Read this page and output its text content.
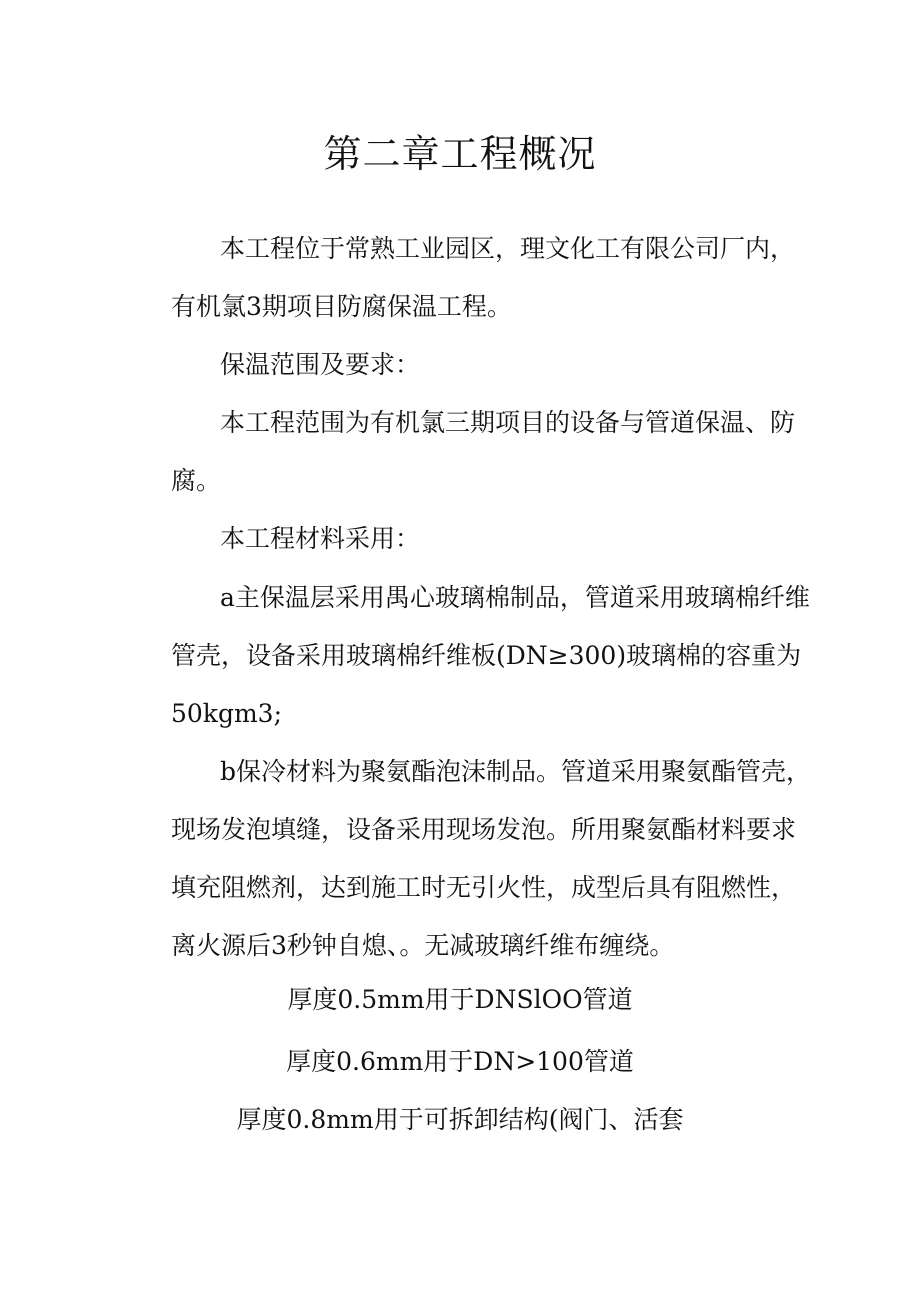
第二章工程概况
本工程位于常熟工业园区，理文化工有限公司厂内，
有机氯3期项目防腐保温工程。
保温范围及要求：
本工程范围为有机氯三期项目的设备与管道保温、防
腐。
本工程材料采用：
a主保温层采用禺心玻璃棉制品，管道采用玻璃棉纤维
管壳，设备采用玻璃棉纤维板(DN≥300)玻璃棉的容重为
50kgm3;
b保冷材料为聚氨酯泡沫制品。管道采用聚氨酯管壳，
现场发泡填缝，设备采用现场发泡。所用聚氨酯材料要求
填充阻燃剂，达到施工时无引火性，成型后具有阻燃性，
离火源后3秒钟自熄、。无减玻璃纤维布缠绕。
厚度0.5mm用于DNSlOO管道
厚度0.6mm用于DN>100管道
厚度0.8mm用于可拆卸结构(阀门、活套
